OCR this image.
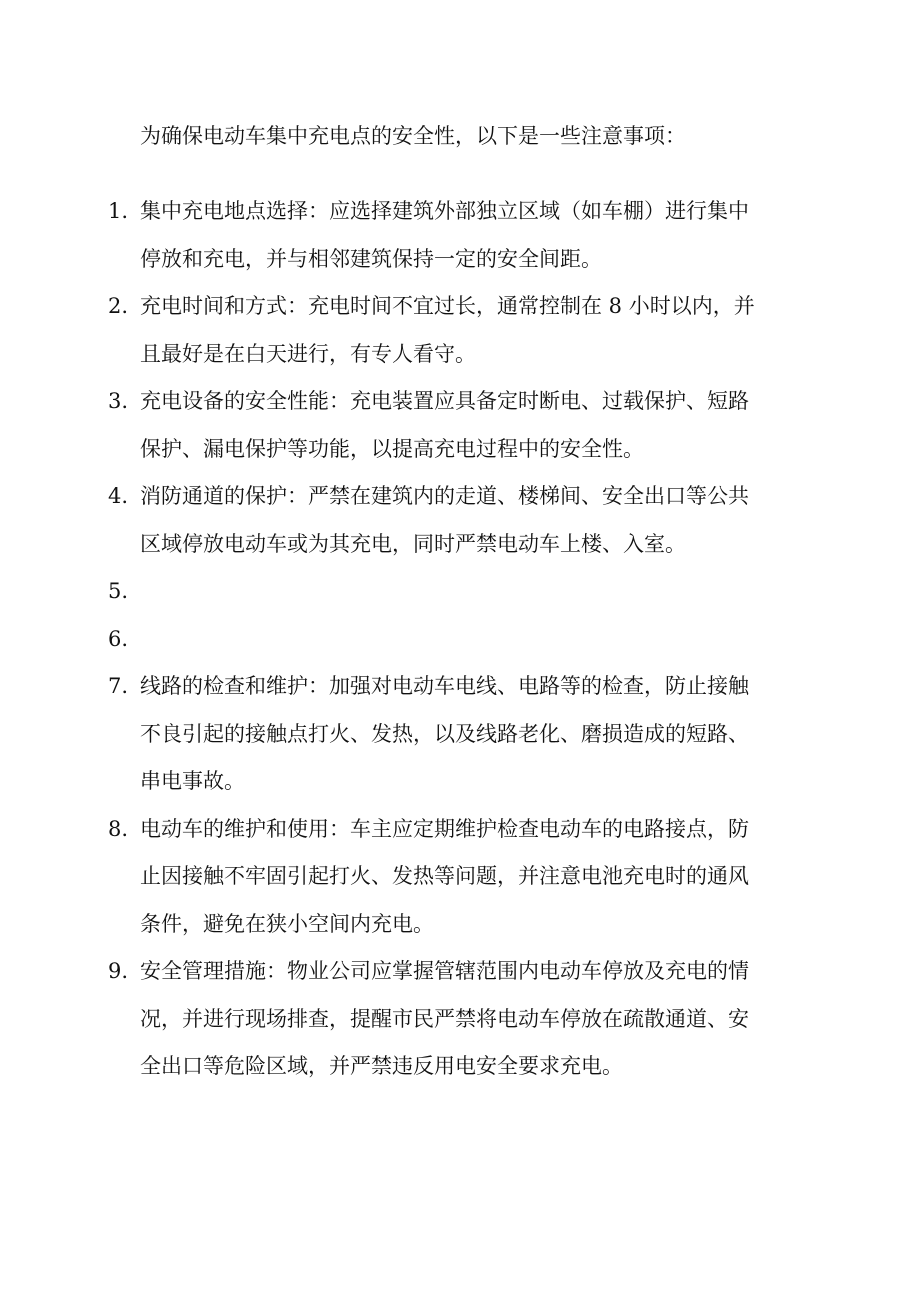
为确保电动车集中充电点的安全性，以下是一些注意事项：
1. 集中充电地点选择：应选择建筑外部独立区域（如车棚）进行集中停放和充电，并与相邻建筑保持一定的安全间距。
2. 充电时间和方式：充电时间不宜过长，通常控制在 8 小时以内，并且最好是在白天进行，有专人看守。
3. 充电设备的安全性能：充电装置应具备定时断电、过载保护、短路保护、漏电保护等功能，以提高充电过程中的安全性。
4. 消防通道的保护：严禁在建筑内的走道、楼梯间、安全出口等公共区域停放电动车或为其充电，同时严禁电动车上楼、入室。
5.
6.
7. 线路的检查和维护：加强对电动车电线、电路等的检查，防止接触不良引起的接触点打火、发热，以及线路老化、磨损造成的短路、串电事故。
8. 电动车的维护和使用：车主应定期维护检查电动车的电路接点，防止因接触不牢固引起打火、发热等问题，并注意电池充电时的通风条件，避免在狭小空间内充电。
9. 安全管理措施：物业公司应掌握管辖范围内电动车停放及充电的情况，并进行现场排查，提醒市民严禁将电动车停放在疏散通道、安全出口等危险区域，并严禁违反用电安全要求充电。
